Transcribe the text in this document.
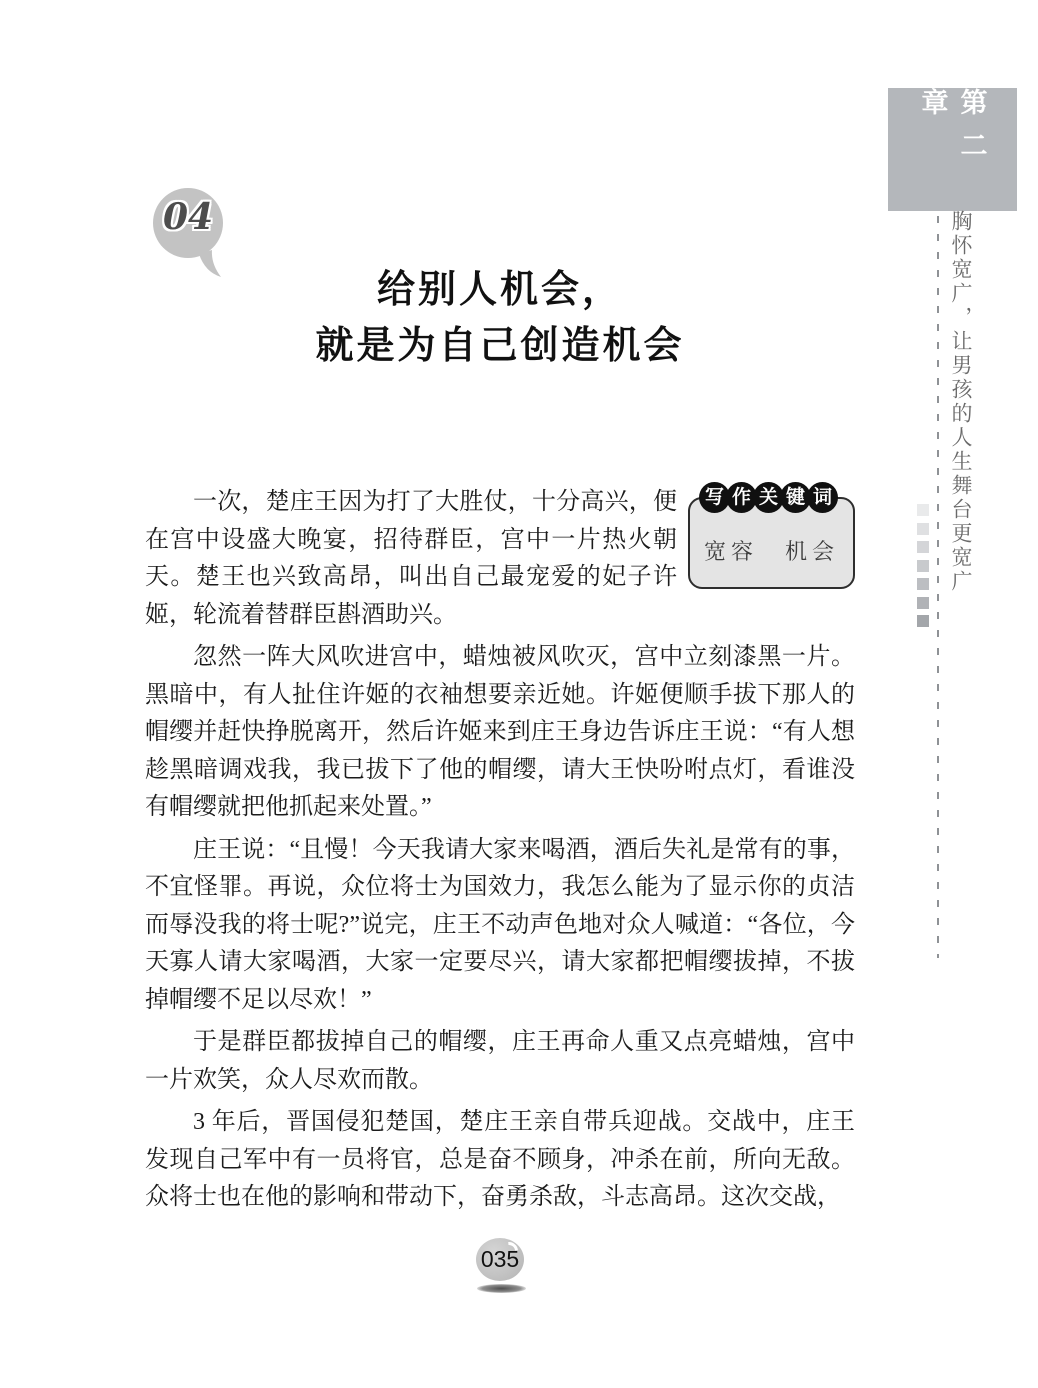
04
给别人机会，
就是为自己创造机会

一次，楚庄王因为打了大胜仗，十分高兴，便在宫中设盛大晚宴，招待群臣，宫中一片热火朝天。楚王也兴致高昂，叫出自己最宠爱的妃子许姬，轮流着替群臣斟酒助兴。

忽然一阵大风吹进宫中，蜡烛被风吹灭，宫中立刻漆黑一片。黑暗中，有人扯住许姬的衣袖想要亲近她。许姬便顺手拔下那人的帽缨并赶快挣脱离开，然后许姬来到庄王身边告诉庄王说：“有人想趁黑暗调戏我，我已拔下了他的帽缨，请大王快吩咐点灯，看谁没有帽缨就把他抓起来处置。”

庄王说：“且慢！今天我请大家来喝酒，酒后失礼是常有的事，不宜怪罪。再说，众位将士为国效力，我怎么能为了显示你的贞洁而辱没我的将士呢?”说完，庄王不动声色地对众人喊道：“各位，今天寡人请大家喝酒，大家一定要尽兴，请大家都把帽缨拔掉，不拔掉帽缨不足以尽欢！”

于是群臣都拔掉自己的帽缨，庄王再命人重又点亮蜡烛，宫中一片欢笑，众人尽欢而散。

3 年后，晋国侵犯楚国，楚庄王亲自带兵迎战。交战中，庄王发现自己军中有一员将官，总是奋不顾身，冲杀在前，所向无敌。众将士也在他的影响和带动下，奋勇杀敌，斗志高昂。这次交战，

写 作 关 键 词
宽容　机会
第二章
胸怀宽广，让男孩的人生舞台更宽广
035
